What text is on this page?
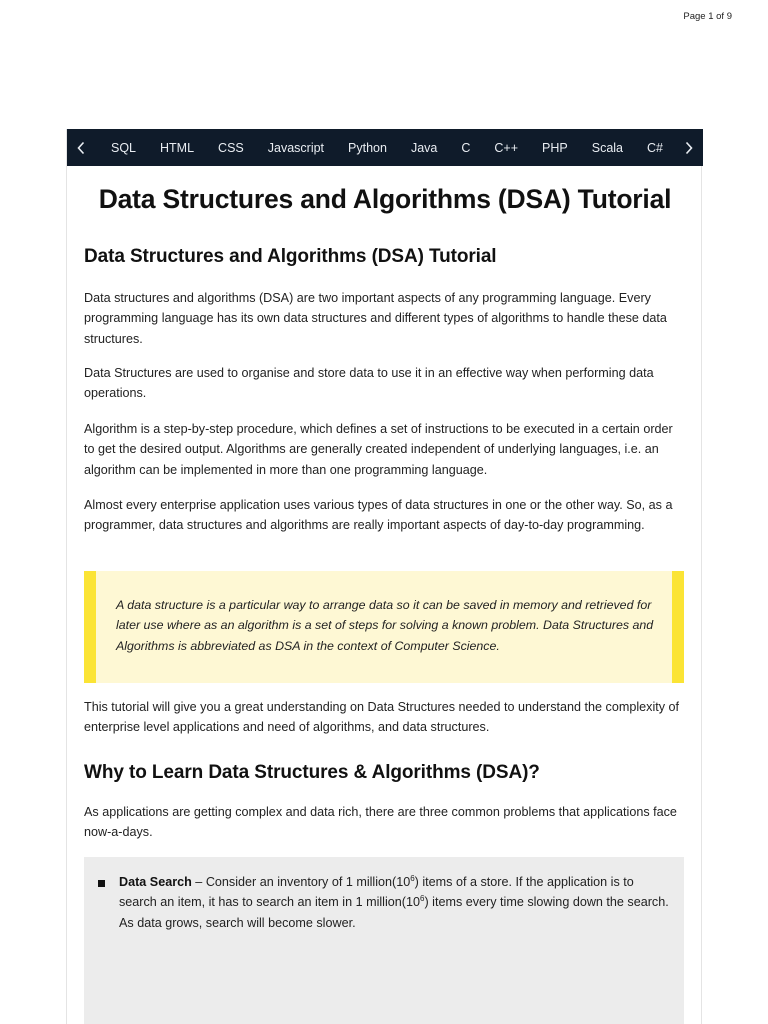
Page 1 of 9
SQL HTML CSS Javascript Python Java C C++ PHP Scala C#
Data Structures and Algorithms (DSA) Tutorial
Data Structures and Algorithms (DSA) Tutorial

Data structures and algorithms (DSA) are two important aspects of any programming language. Every programming language has its own data structures and different types of algorithms to handle these data structures.

Data Structures are used to organise and store data to use it in an effective way when performing data operations.

Algorithm is a step-by-step procedure, which defines a set of instructions to be executed in a certain order to get the desired output. Algorithms are generally created independent of underlying languages, i.e. an algorithm can be implemented in more than one programming language.

Almost every enterprise application uses various types of data structures in one or the other way. So, as a programmer, data structures and algorithms are really important aspects of day-to-day programming.

A data structure is a particular way to arrange data so it can be saved in memory and retrieved for later use where as an algorithm is a set of steps for solving a known problem. Data Structures and Algorithms is abbreviated as DSA in the context of Computer Science.

This tutorial will give you a great understanding on Data Structures needed to understand the complexity of enterprise level applications and need of algorithms, and data structures.

Why to Learn Data Structures & Algorithms (DSA)?

As applications are getting complex and data rich, there are three common problems that applications face now-a-days.

Data Search – Consider an inventory of 1 $million(10^6)$ items of a store. If the application is to search an item, it has to search an item in 1 $million(10^6)$ items every time slowing down the search. As data grows, search will become slower.
